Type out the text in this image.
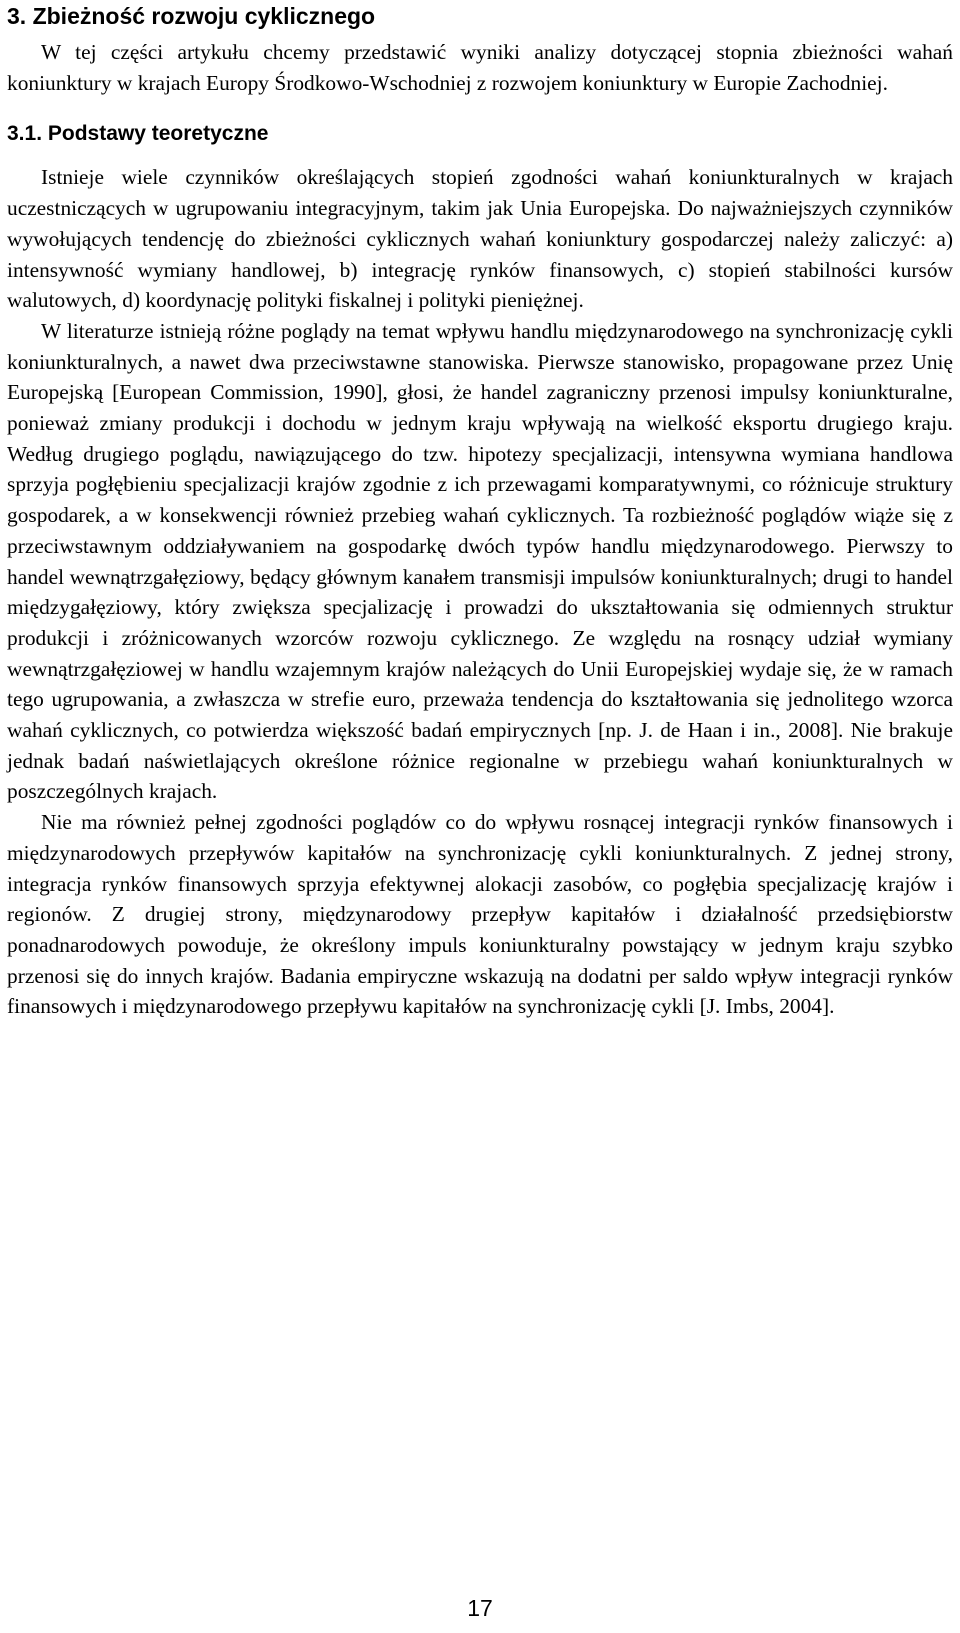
3. Zbieżność rozwoju cyklicznego

W tej części artykułu chcemy przedstawić wyniki analizy dotyczącej stopnia zbieżności wahań koniunktury w krajach Europy Środkowo-Wschodniej z rozwojem koniunktury w Europie Zachodniej.

3.1. Podstawy teoretyczne

Istnieje wiele czynników określających stopień zgodności wahań koniunkturalnych w krajach uczestniczących w ugrupowaniu integracyjnym, takim jak Unia Europejska. Do najważniejszych czynników wywołujących tendencję do zbieżności cyklicznych wahań koniunktury gospodarczej należy zaliczyć: a) intensywność wymiany handlowej, b) integrację rynków finansowych, c) stopień stabilności kursów walutowych, d) koordynację polityki fiskalnej i polityki pieniężnej.

W literaturze istnieją różne poglądy na temat wpływu handlu międzynarodowego na synchronizację cykli koniunkturalnych, a nawet dwa przeciwstawne stanowiska. Pierwsze stanowisko, propagowane przez Unię Europejską [European Commission, 1990], głosi, że handel zagraniczny przenosi impulsy koniunkturalne, ponieważ zmiany produkcji i dochodu w jednym kraju wpływają na wielkość eksportu drugiego kraju. Według drugiego poglądu, nawiązującego do tzw. hipotezy specjalizacji, intensywna wymiana handlowa sprzyja pogłębieniu specjalizacji krajów zgodnie z ich przewagami komparatywnymi, co różnicuje struktury gospodarek, a w konsekwencji również przebieg wahań cyklicznych. Ta rozbieżność poglądów wiąże się z przeciwstawnym oddziaływaniem na gospodarkę dwóch typów handlu międzynarodowego. Pierwszy to handel wewnątrzgałęziowy, będący głównym kanałem transmisji impulsów koniunkturalnych; drugi to handel międzygałęziowy, który zwiększa specjalizację i prowadzi do ukształtowania się odmiennych struktur produkcji i zróżnicowanych wzorców rozwoju cyklicznego. Ze względu na rosnący udział wymiany wewnątrzgałęziowej w handlu wzajemnym krajów należących do Unii Europejskiej wydaje się, że w ramach tego ugrupowania, a zwłaszcza w strefie euro, przeważa tendencja do kształtowania się jednolitego wzorca wahań cyklicznych, co potwierdza większość badań empirycznych [np. J. de Haan i in., 2008]. Nie brakuje jednak badań naświetlających określone różnice regionalne w przebiegu wahań koniunkturalnych w poszczególnych krajach.

Nie ma również pełnej zgodności poglądów co do wpływu rosnącej integracji rynków finansowych i międzynarodowych przepływów kapitałów na synchronizację cykli koniunkturalnych. Z jednej strony, integracja rynków finansowych sprzyja efektywnej alokacji zasobów, co pogłębia specjalizację krajów i regionów. Z drugiej strony, międzynarodowy przepływ kapitałów i działalność przedsiębiorstw ponadnarodowych powoduje, że określony impuls koniunkturalny powstający w jednym kraju szybko przenosi się do innych krajów. Badania empiryczne wskazują na dodatni per saldo wpływ integracji rynków finansowych i międzynarodowego przepływu kapitałów na synchronizację cykli [J. Imbs, 2004].

17
